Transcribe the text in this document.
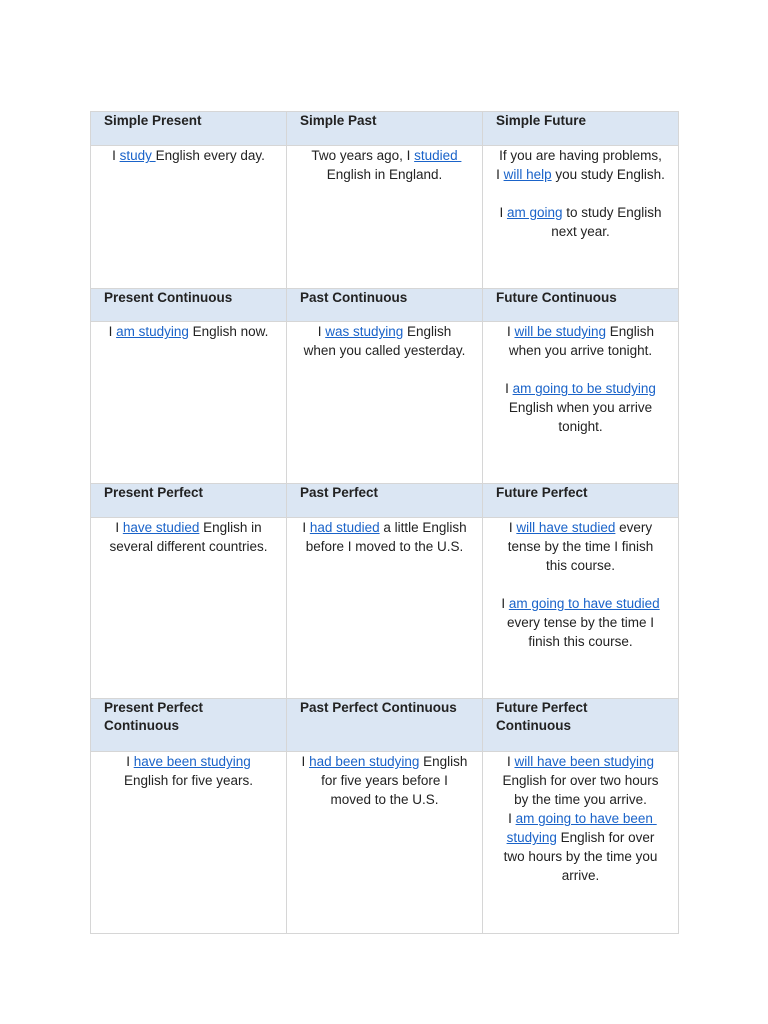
Simple Present	Simple Past	Simple Future

I study English every day.	Two years ago, I studied English in England.	If you are having problems, I will help you study English.
I am going to study English next year.

Present Continuous	Past Continuous	Future Continuous

I am studying English now.	I was studying English when you called yesterday.	I will be studying English when you arrive tonight.
I am going to be studying English when you arrive tonight.

Present Perfect	Past Perfect	Future Perfect

I have studied English in several different countries.	I had studied a little English before I moved to the U.S.	I will have studied every tense by the time I finish this course.
I am going to have studied every tense by the time I finish this course.

Present Perfect Continuous	Past Perfect Continuous	Future Perfect Continuous

I have been studying English for five years.	I had been studying English for five years before I moved to the U.S.	I will have been studying English for over two hours by the time you arrive.
I am going to have been studying English for over two hours by the time you arrive.
